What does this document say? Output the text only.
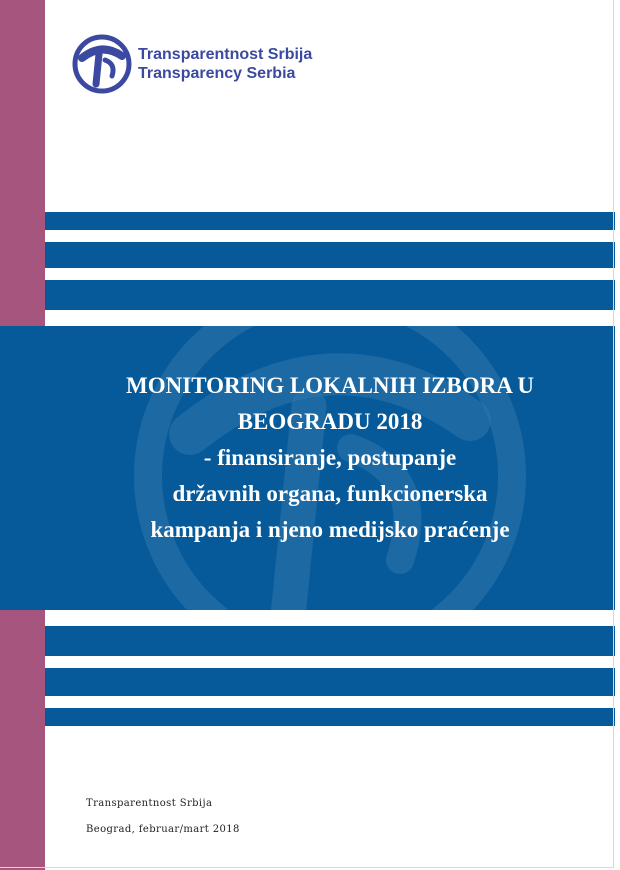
Transparentnost Srbija
Transparency Serbia
MONITORING LOKALNIH IZBORA U
BEOGRADU 2018
- finansiranje, postupanje
državnih organa, funkcionerska
kampanja i njeno medijsko praćenje
Transparentnost Srbija
Beograd, februar/mart 2018
